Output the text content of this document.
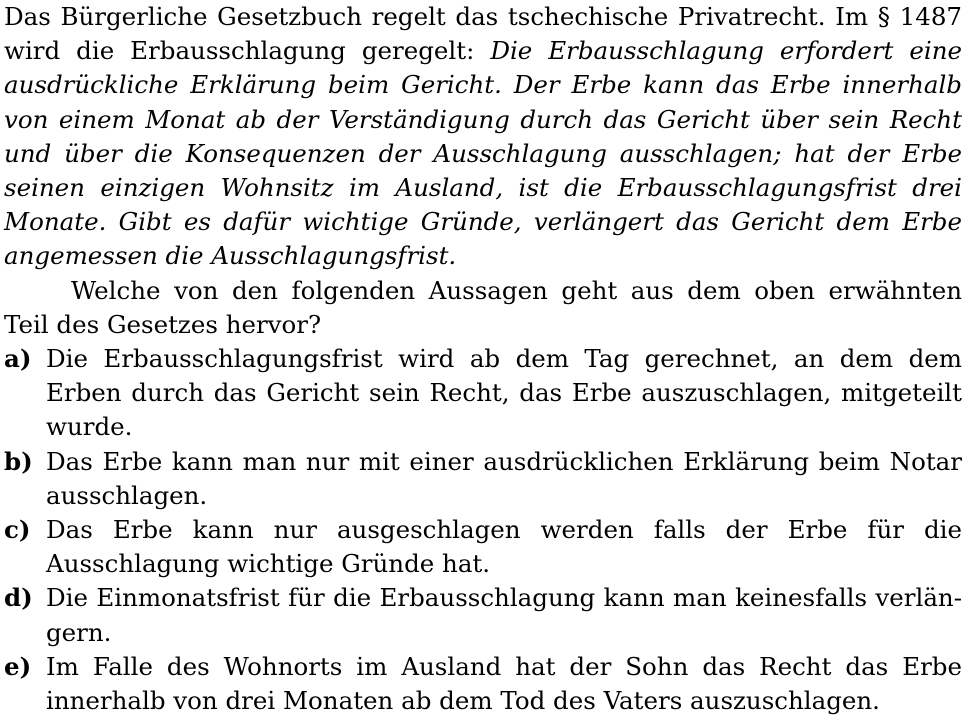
Das Bürgerliche Gesetzbuch regelt das tschechische Privatrecht. Im § 1487 wird die Erbausschlagung geregelt: Die Erbausschlagung erfordert eine ausdrückliche Erklärung beim Gericht. Der Erbe kann das Erbe innerhalb von einem Monat ab der Verständigung durch das Gericht über sein Recht und über die Konsequenzen der Ausschlagung ausschlagen; hat der Erbe seinen einzigen Wohnsitz im Ausland, ist die Erbausschlagungsfrist drei Monate. Gibt es dafür wichtige Gründe, verlängert das Gericht dem Erbe angemessen die Ausschlagungsfrist.

Welche von den folgenden Aussagen geht aus dem oben erwähnten Teil des Gesetzes hervor?

a) Die Erbausschlagungsfrist wird ab dem Tag gerechnet, an dem dem Erben durch das Gericht sein Recht, das Erbe auszuschlagen, mitgeteilt wurde.
b) Das Erbe kann man nur mit einer ausdrücklichen Erklärung beim Notar ausschlagen.
c) Das Erbe kann nur ausgeschlagen werden falls der Erbe für die Ausschlagung wichtige Gründe hat.
d) Die Einmonatsfrist für die Erbausschlagung kann man keinesfalls verlängern.
e) Im Falle des Wohnorts im Ausland hat der Sohn das Recht das Erbe innerhalb von drei Monaten ab dem Tod des Vaters auszuschlagen.
